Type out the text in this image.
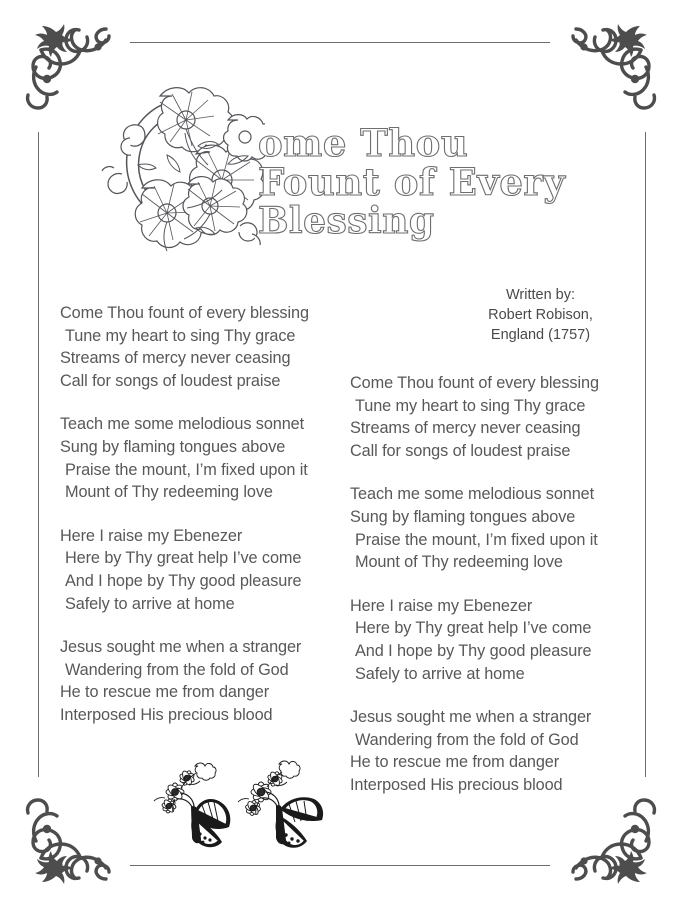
ome Thou
Fount of Every
Blessing
Written by:
Robert Robison,
England (1757)
Come Thou fount of every blessing
Tune my heart to sing Thy grace
Streams of mercy never ceasing
Call for songs of loudest praise
Teach me some melodious sonnet
Sung by flaming tongues above
Praise the mount, I’m fixed upon it
Mount of Thy redeeming love
Here I raise my Ebenezer
Here by Thy great help I’ve come
And I hope by Thy good pleasure
Safely to arrive at home
Jesus sought me when a stranger
Wandering from the fold of God
He to rescue me from danger
Interposed His precious blood
Come Thou fount of every blessing
Tune my heart to sing Thy grace
Streams of mercy never ceasing
Call for songs of loudest praise
Teach me some melodious sonnet
Sung by flaming tongues above
Praise the mount, I’m fixed upon it
Mount of Thy redeeming love
Here I raise my Ebenezer
Here by Thy great help I’ve come
And I hope by Thy good pleasure
Safely to arrive at home
Jesus sought me when a stranger
Wandering from the fold of God
He to rescue me from danger
Interposed His precious blood
